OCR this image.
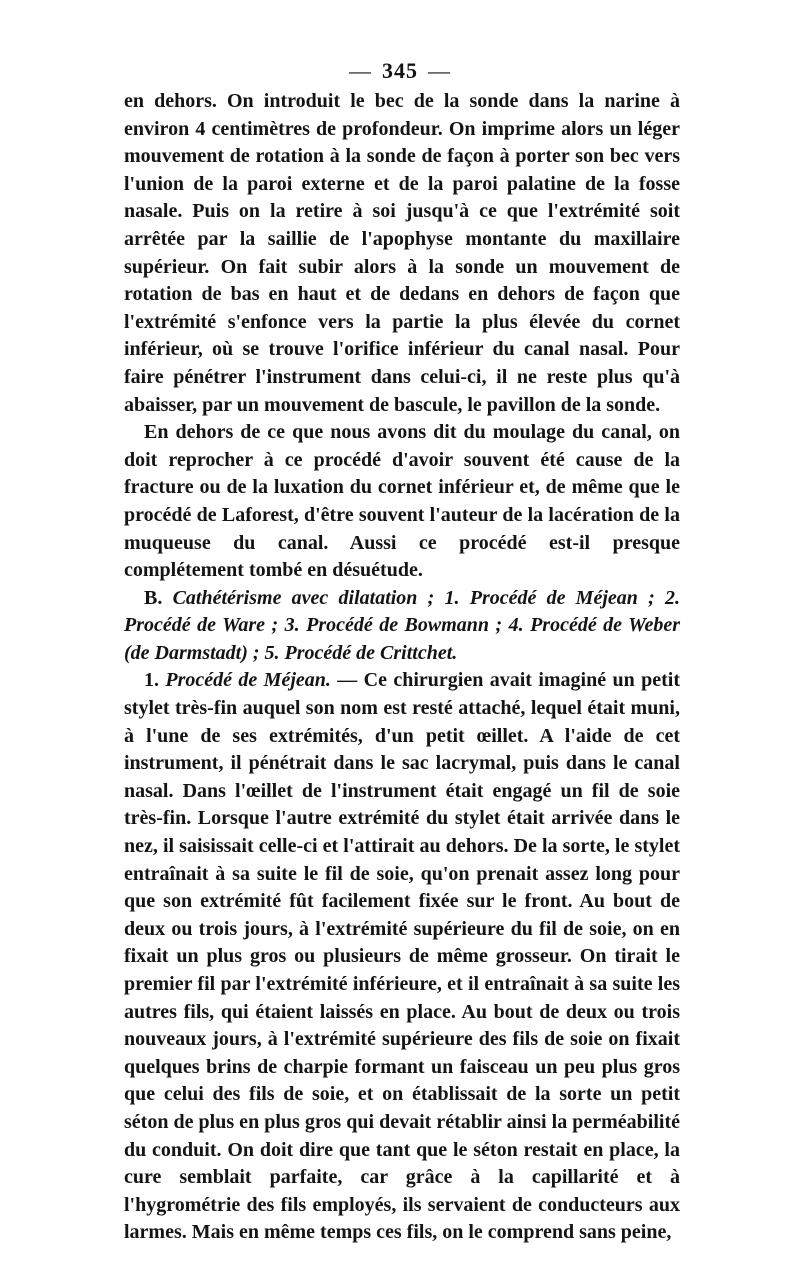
— 345 —

en dehors. On introduit le bec de la sonde dans la narine à environ 4 centimètres de profondeur. On imprime alors un léger mouvement de rotation à la sonde de façon à porter son bec vers l'union de la paroi externe et de la paroi palatine de la fosse nasale. Puis on la retire à soi jusqu'à ce que l'extrémité soit arrêtée par la saillie de l'apophyse montante du maxillaire supérieur. On fait subir alors à la sonde un mouvement de rotation de bas en haut et de dedans en dehors de façon que l'extrémité s'enfonce vers la partie la plus élevée du cornet inférieur, où se trouve l'orifice inférieur du canal nasal. Pour faire pénétrer l'instrument dans celui-ci, il ne reste plus qu'à abaisser, par un mouvement de bascule, le pavillon de la sonde.

En dehors de ce que nous avons dit du moulage du canal, on doit reprocher à ce procédé d'avoir souvent été cause de la fracture ou de la luxation du cornet inférieur et, de même que le procédé de Laforest, d'être souvent l'auteur de la lacération de la muqueuse du canal. Aussi ce procédé est-il presque complétement tombé en désuétude.

B. Cathétérisme avec dilatation ; 1. Procédé de Méjean ; 2. Procédé de Ware ; 3. Procédé de Bowmann ; 4. Procédé de Weber (de Darmstadt) ; 5. Procédé de Crittchet.

1. Procédé de Méjean. — Ce chirurgien avait imaginé un petit stylet très-fin auquel son nom est resté attaché, lequel était muni, à l'une de ses extrémités, d'un petit œillet. A l'aide de cet instrument, il pénétrait dans le sac lacrymal, puis dans le canal nasal. Dans l'œillet de l'instrument était engagé un fil de soie très-fin. Lorsque l'autre extrémité du stylet était arrivée dans le nez, il saisissait celle-ci et l'attirait au dehors. De la sorte, le stylet entraînait à sa suite le fil de soie, qu'on prenait assez long pour que son extrémité fût facilement fixée sur le front. Au bout de deux ou trois jours, à l'extrémité supérieure du fil de soie, on en fixait un plus gros ou plusieurs de même grosseur. On tirait le premier fil par l'extrémité inférieure, et il entraînait à sa suite les autres fils, qui étaient laissés en place. Au bout de deux ou trois nouveaux jours, à l'extrémité supérieure des fils de soie on fixait quelques brins de charpie formant un faisceau un peu plus gros que celui des fils de soie, et on établissait de la sorte un petit séton de plus en plus gros qui devait rétablir ainsi la perméabilité du conduit. On doit dire que tant que le séton restait en place, la cure semblait parfaite, car grâce à la capillarité et à l'hygrométrie des fils employés, ils servaient de conducteurs aux larmes. Mais en même temps ces fils, on le comprend sans peine,
